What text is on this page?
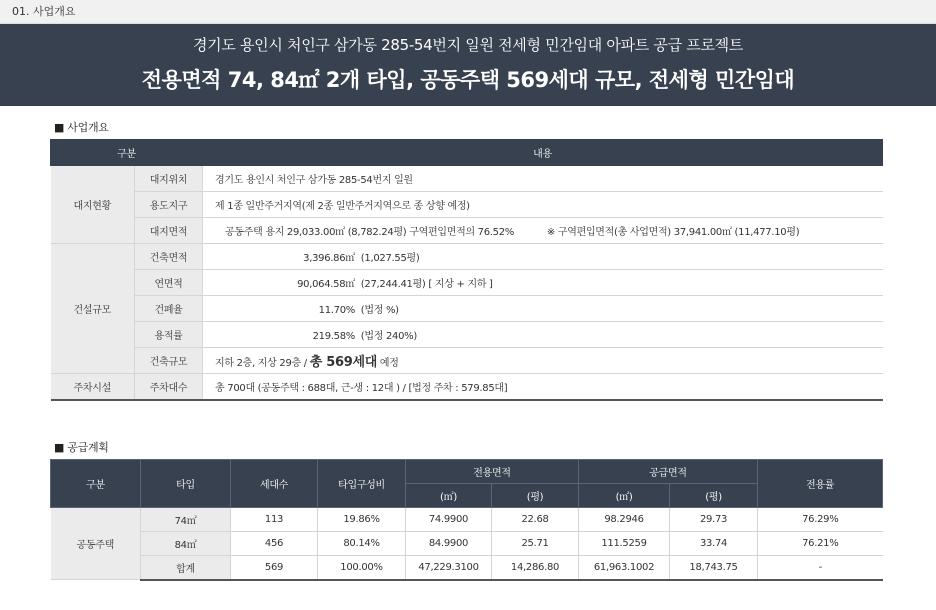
01. 사업개요
경기도 용인시 처인구 삼가동 285-54번지 일원 전세형 민간임대 아파트 공급 프로젝트
전용면적 74, 84㎡ 2개 타입, 공동주택 569세대 규모, 전세형 민간임대
■ 사업개요
구분		내용
대지현황	대지위치	경기도 용인시 처인구 삼가동 285-54번지 일원
	용도지구	제 1종 일반주거지역(제 2종 일반주거지역으로 종 상향 예정)
	대지면적	공동주택 용지 29,033.00㎡ (8,782.24평) 구역편입면적의 76.52% ※ 구역편입면적(총 사업면적) 37,941.00㎡ (11,477.10평)
건설규모	건축면적	3,396.86㎡ (1,027.55평)
	연면적	90,064.58㎡ (27,244.41평) [ 지상 + 지하 ]
	건폐율	11.70% (법정 %)
	용적률	219.58% (법정 240%)
	건축규모	지하 2층, 지상 29층 / 총 569세대 예정
주차시설	주차대수	총 700대 (공동주택 : 688대, 근-생 : 12대 ) / [법정 주차 : 579.85대]
■ 공급계획
구분	타입	세대수	타입구성비	전용면적		공급면적		전용률
				(㎡)	(평)	(㎡)	(평)	
공동주택	74㎡	113	19.86%	74.9900	22.68	98.2946	29.73	76.29%
	84㎡	456	80.14%	84.9900	25.71	111.5259	33.74	76.21%
	합계	569	100.00%	47,229.3100	14,286.80	61,963.1002	18,743.75	-
